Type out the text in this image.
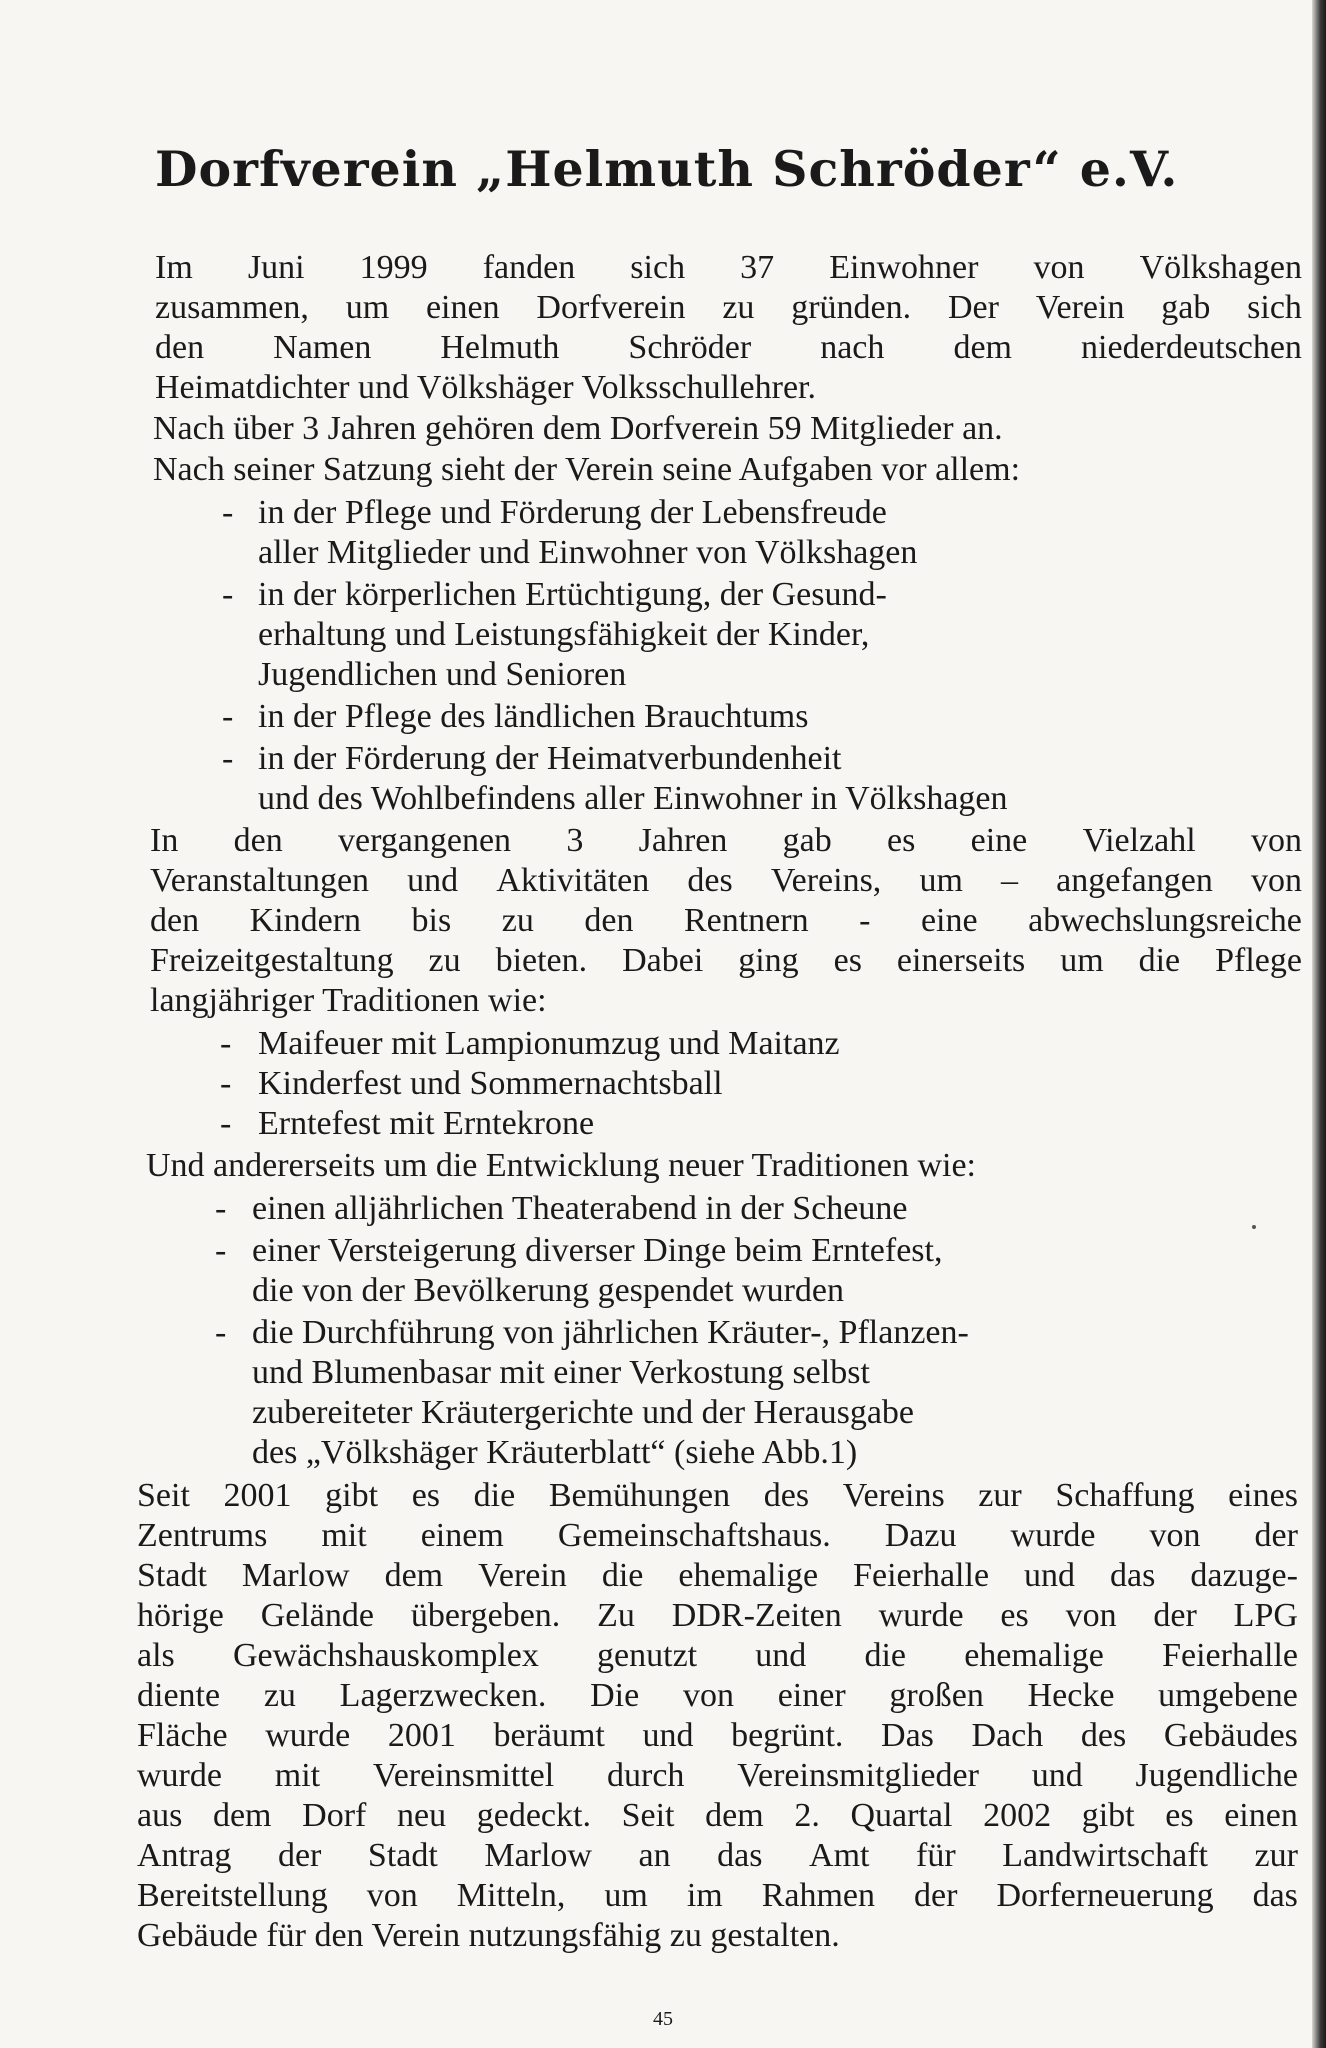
Dorfverein „Helmuth Schröder“ e.V.
Im Juni 1999 fanden sich 37 Einwohner von Völkshagen
zusammen, um einen Dorfverein zu gründen. Der Verein gab sich
den Namen Helmuth Schröder nach dem niederdeutschen
Heimatdichter und Völkshäger Volksschullehrer.
Nach über 3 Jahren gehören dem Dorfverein 59 Mitglieder an.
Nach seiner Satzung sieht der Verein seine Aufgaben vor allem:
- in der Pflege und Förderung der Lebensfreude
aller Mitglieder und Einwohner von Völkshagen
- in der körperlichen Ertüchtigung, der Gesund-
erhaltung und Leistungsfähigkeit der Kinder,
Jugendlichen und Senioren
- in der Pflege des ländlichen Brauchtums
- in der Förderung der Heimatverbundenheit
und des Wohlbefindens aller Einwohner in Völkshagen
In den vergangenen 3 Jahren gab es eine Vielzahl von
Veranstaltungen und Aktivitäten des Vereins, um – angefangen von
den Kindern bis zu den Rentnern - eine abwechslungsreiche
Freizeitgestaltung zu bieten. Dabei ging es einerseits um die Pflege
langjähriger Traditionen wie:
- Maifeuer mit Lampionumzug und Maitanz
- Kinderfest und Sommernachtsball
- Erntefest mit Erntekrone
Und andererseits um die Entwicklung neuer Traditionen wie:
- einen alljährlichen Theaterabend in der Scheune
- einer Versteigerung diverser Dinge beim Erntefest,
die von der Bevölkerung gespendet wurden
- die Durchführung von jährlichen Kräuter-, Pflanzen-
und Blumenbasar mit einer Verkostung selbst
zubereiteter Kräutergerichte und der Herausgabe
des „Völkshäger Kräuterblatt“ (siehe Abb.1)
Seit 2001 gibt es die Bemühungen des Vereins zur Schaffung eines
Zentrums mit einem Gemeinschaftshaus. Dazu wurde von der
Stadt Marlow dem Verein die ehemalige Feierhalle und das dazuge-
hörige Gelände übergeben. Zu DDR-Zeiten wurde es von der LPG
als Gewächshauskomplex genutzt und die ehemalige Feierhalle
diente zu Lagerzwecken. Die von einer großen Hecke umgebene
Fläche wurde 2001 beräumt und begrünt. Das Dach des Gebäudes
wurde mit Vereinsmittel durch Vereinsmitglieder und Jugendliche
aus dem Dorf neu gedeckt. Seit dem 2. Quartal 2002 gibt es einen
Antrag der Stadt Marlow an das Amt für Landwirtschaft zur
Bereitstellung von Mitteln, um im Rahmen der Dorferneuerung das
Gebäude für den Verein nutzungsfähig zu gestalten.
45
